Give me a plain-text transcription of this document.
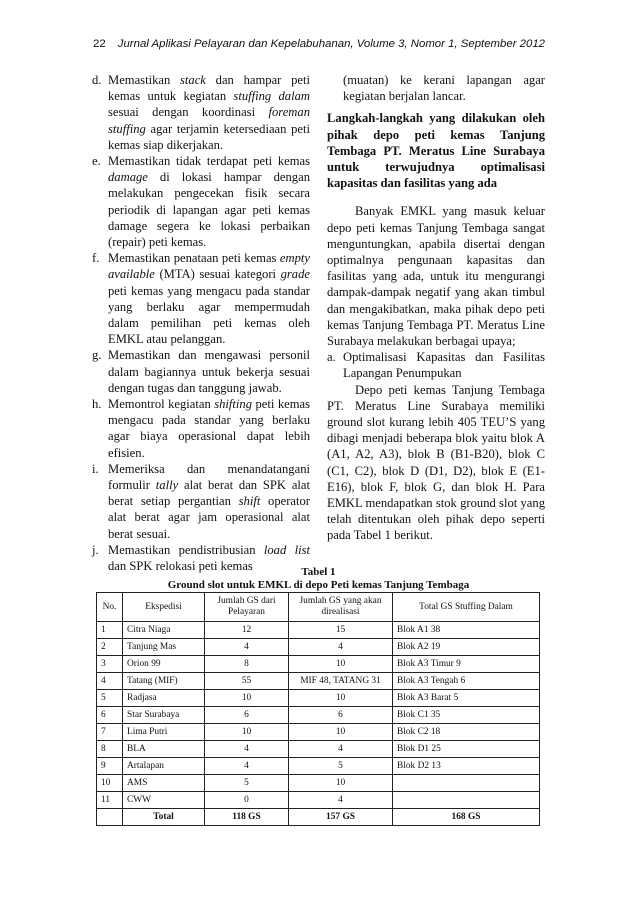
22 Jurnal Aplikasi Pelayaran dan Kepelabuhanan, Volume 3, Nomor 1, September 2012
d. Memastikan stack dan hampar peti kemas untuk kegiatan stuffing dalam sesuai dengan koordinasi foreman stuffing agar terjamin ketersediaan peti kemas siap dikerjakan.
e. Memastikan tidak terdapat peti kemas damage di lokasi hampar dengan melakukan pengecekan fisik secara periodik di lapangan agar peti kemas damage segera ke lokasi perbaikan (repair) peti kemas.
f. Memastikan penataan peti kemas empty available (MTA) sesuai kategori grade peti kemas yang mengacu pada standar yang berlaku agar mempermudah dalam pemilihan peti kemas oleh EMKL atau pelanggan.
g. Memastikan dan mengawasi personil dalam bagiannya untuk bekerja sesuai dengan tugas dan tanggung jawab.
h. Memontrol kegiatan shifting peti kemas mengacu pada standar yang berlaku agar biaya operasional dapat lebih efisien.
i. Memeriksa dan menandatangani formulir tally alat berat dan SPK alat berat setiap pergantian shift operator alat berat agar jam operasional alat berat sesuai.
j. Memastikan pendistribusian load list dan SPK relokasi peti kemas

(muatan) ke kerani lapangan agar kegiatan berjalan lancar.

Langkah-langkah yang dilakukan oleh pihak depo peti kemas Tanjung Tembaga PT. Meratus Line Surabaya untuk terwujudnya optimalisasi kapasitas dan fasilitas yang ada

Banyak EMKL yang masuk keluar depo peti kemas Tanjung Tembaga sangat menguntungkan, apabila disertai dengan optimalnya pengunaan kapasitas dan fasilitas yang ada, untuk itu mengurangi dampak-dampak negatif yang akan timbul dan mengakibatkan, maka pihak depo peti kemas Tanjung Tembaga PT. Meratus Line Surabaya melakukan berbagai upaya;

a. Optimalisasi Kapasitas dan Fasilitas Lapangan Penumpukan

Depo peti kemas Tanjung Tembaga PT. Meratus Line Surabaya memiliki ground slot kurang lebih 405 TEU’S yang dibagi menjadi beberapa blok yaitu blok A (A1, A2, A3), blok B (B1-B20), blok C (C1, C2), blok D (D1, D2), blok E (E1-E16), blok F, blok G, dan blok H. Para EMKL mendapatkan stok ground slot yang telah ditentukan oleh pihak depo seperti pada Tabel 1 berikut.

Tabel 1
Ground slot untuk EMKL di depo Peti kemas Tanjung Tembaga
No.	Ekspedisi	Jumlah GS dari Pelayaran	Jumlah GS yang akan direalisasi	Total GS Stuffing Dalam
1	Citra Niaga	12	15	Blok A1 38
2	Tanjung Mas	4	4	Blok A2 19
3	Orion 99	8	10	Blok A3 Timur 9
4	Tatang (MIF)	55	MIF 48, TATANG 31	Blok A3 Tengah 6
5	Radjasa	10	10	Blok A3 Barat 5
6	Star Surabaya	6	6	Blok C1 35
7	Lima Putri	10	10	Blok C2 18
8	BLA	4	4	Blok D1 25
9	Artalapan	4	5	Blok D2 13
10	AMS	5	10	
11	CWW	0	4	
	Total	118 GS	157 GS	168 GS
